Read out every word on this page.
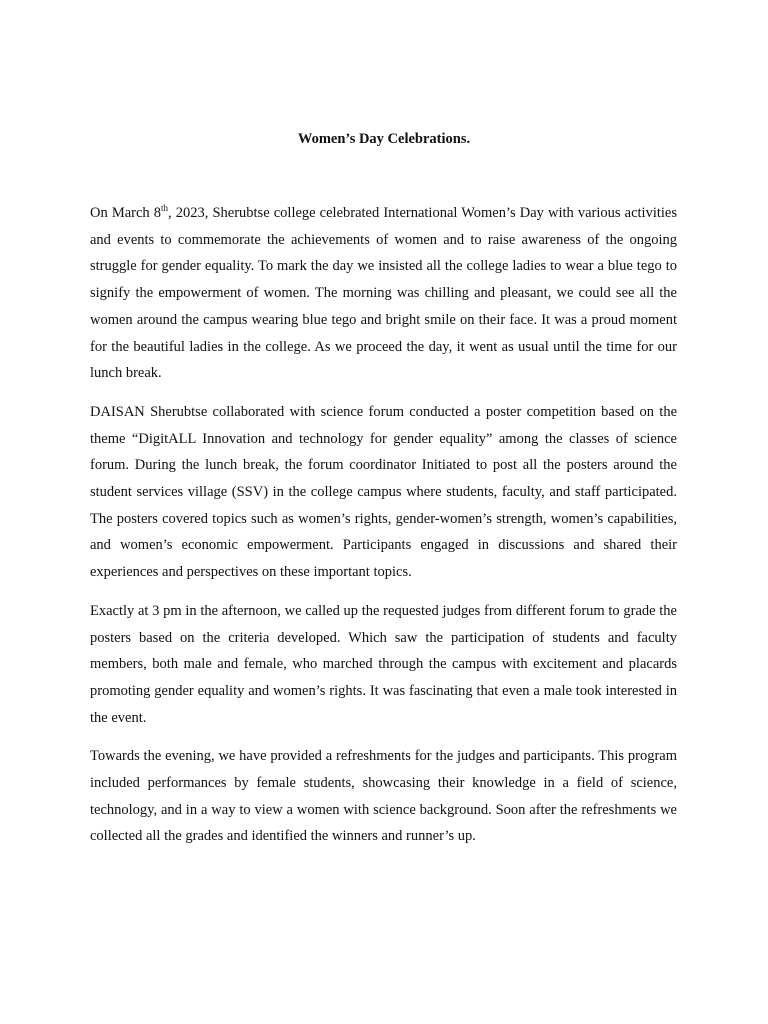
Women’s Day Celebrations.

On March 8th, 2023, Sherubtse college celebrated International Women’s Day with various activities and events to commemorate the achievements of women and to raise awareness of the ongoing struggle for gender equality. To mark the day we insisted all the college ladies to wear a blue tego to signify the empowerment of women. The morning was chilling and pleasant, we could see all the women around the campus wearing blue tego and bright smile on their face. It was a proud moment for the beautiful ladies in the college. As we proceed the day, it went as usual until the time for our lunch break.

DAISAN Sherubtse collaborated with science forum conducted a poster competition based on the theme “DigitALL Innovation and technology for gender equality” among the classes of science forum. During the lunch break, the forum coordinator Initiated to post all the posters around the student services village (SSV) in the college campus where students, faculty, and staff participated. The posters covered topics such as women’s rights, gender-women’s strength, women’s capabilities, and women’s economic empowerment. Participants engaged in discussions and shared their experiences and perspectives on these important topics.

Exactly at 3 pm in the afternoon, we called up the requested judges from different forum to grade the posters based on the criteria developed. Which saw the participation of students and faculty members, both male and female, who marched through the campus with excitement and placards promoting gender equality and women’s rights. It was fascinating that even a male took interested in the event.

Towards the evening, we have provided a refreshments for the judges and participants. This program included performances by female students, showcasing their knowledge in a field of science, technology, and in a way to view a women with science background. Soon after the refreshments we collected all the grades and identified the winners and runner’s up.
